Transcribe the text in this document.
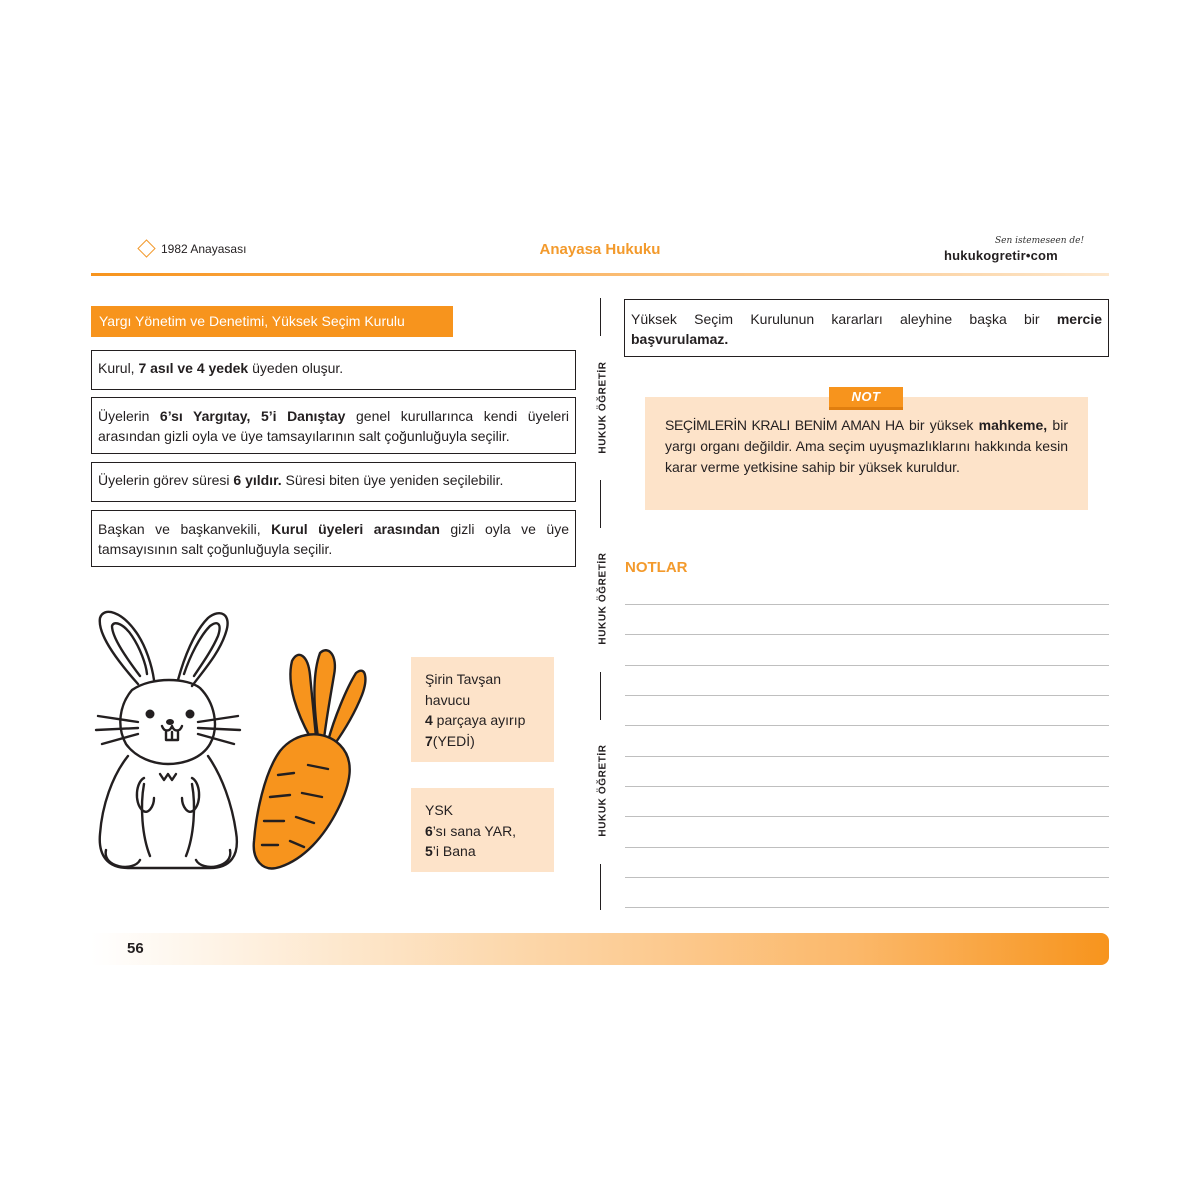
1982 Anayasası	Anayasa Hukuku	Sen istemeseen de!
hukukogretir•com
Yargı Yönetim ve Denetimi, Yüksek Seçim Kurulu
Kurul, 7 asıl ve 4 yedek üyeden oluşur.
Üyelerin 6’sı Yargıtay, 5’i Danıştay genel kurullarınca kendi üyeleri arasından gizli oyla ve üye tamsayılarının salt çoğunluğuyla seçilir.
Üyelerin görev süresi 6 yıldır. Süresi biten üye yeniden seçilebilir.
Başkan ve başkanvekili, Kurul üyeleri arasından gizli oyla ve üye tamsayısının salt çoğunluğuyla seçilir.
Şirin Tavşan
havucu
4 parçaya ayırıp
7(YEDİ)
YSK
6’sı sana YAR,
5’i Bana
HUKUK ÖĞRETİR
HUKUK ÖĞRETİR
HUKUK ÖĞRETİR
Yüksek Seçim Kurulunun kararları aleyhine başka bir mercie başvurulamaz.
SEÇİMLERİN KRALI BENİM AMAN HA bir yüksek mahkeme, bir yargı organı değildir. Ama seçim uyuşmazlıklarını hakkında kesin karar verme yetkisine sahip bir yüksek kuruldur.
NOT
NOTLAR
56
